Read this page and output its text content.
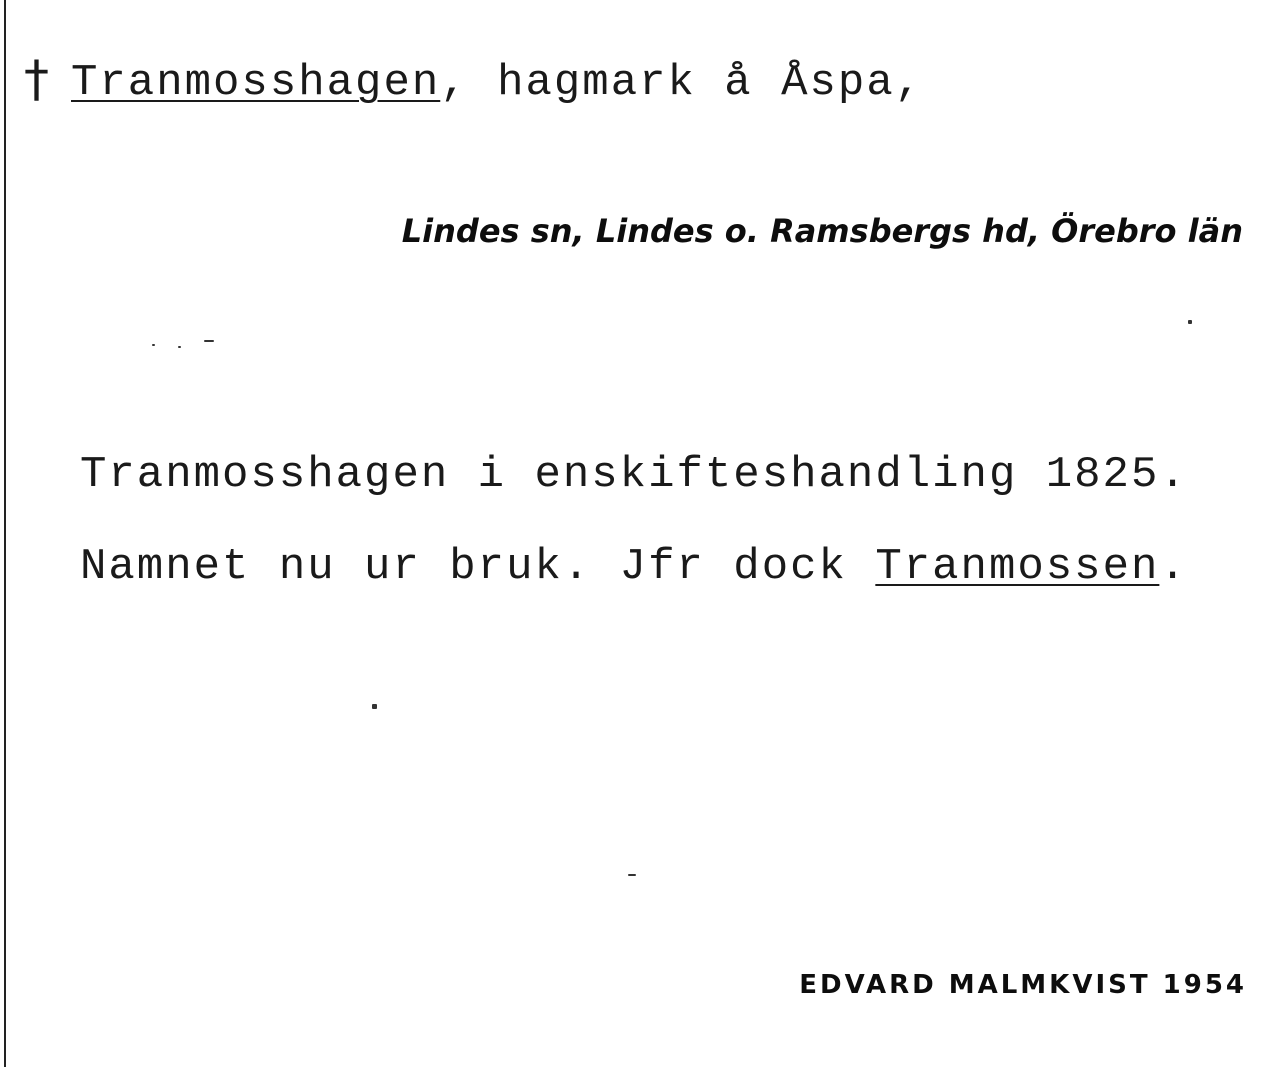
† Tranmosshagen, hagmark å Åspa,
Lindes sn, Lindes o. Ramsbergs hd, Örebro län
Tranmosshagen i enskifteshandling 1825.
Namnet nu ur bruk. Jfr dock Tranmossen.
EDVARD MALMKVIST 1954
